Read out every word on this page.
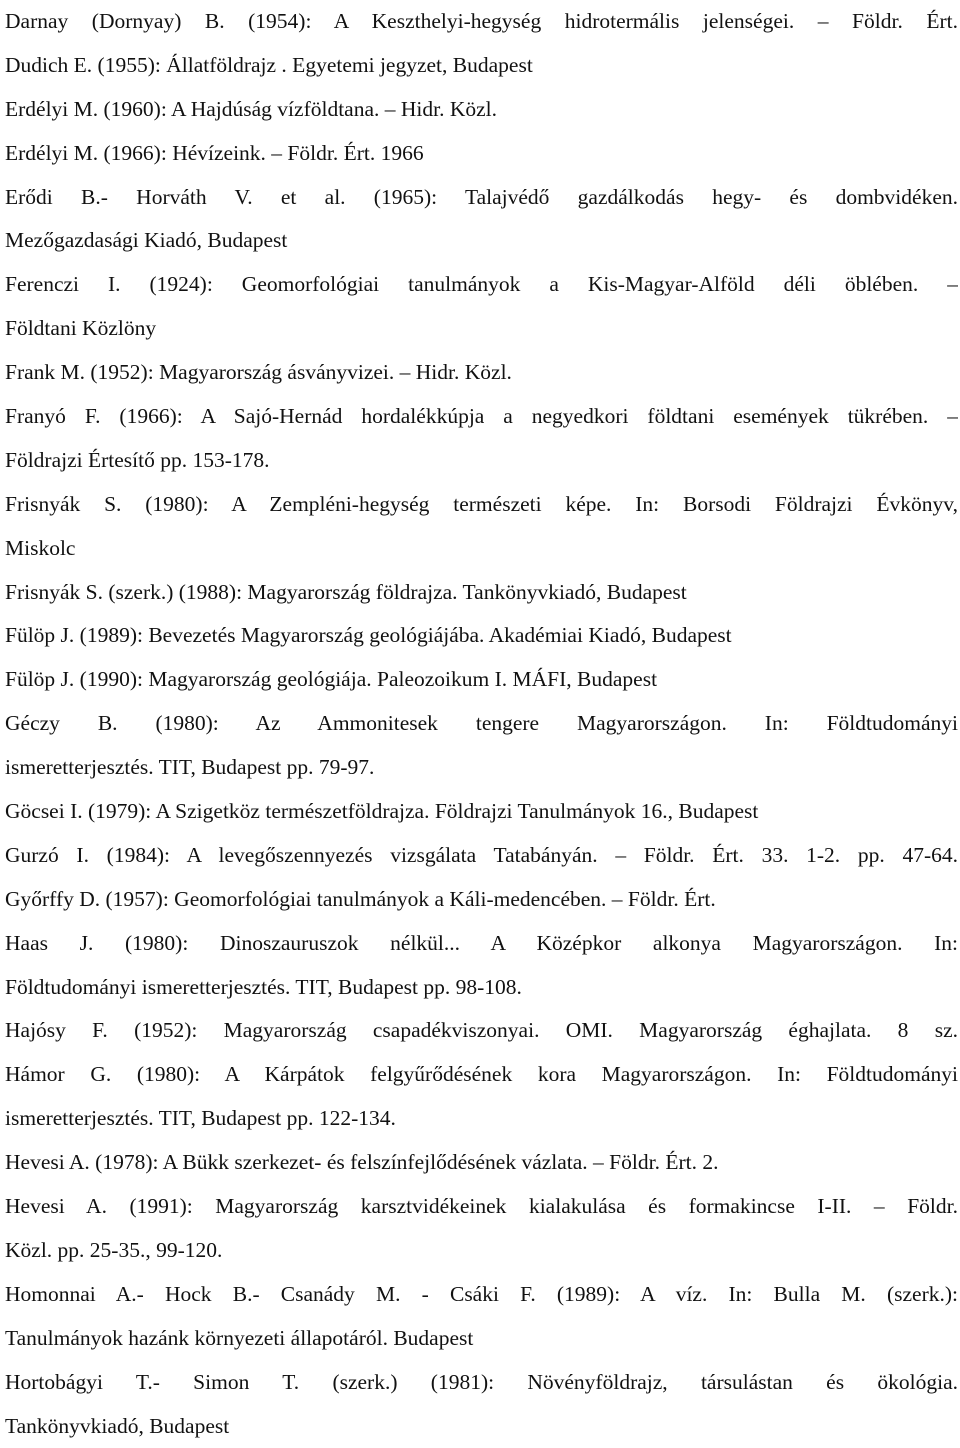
Darnay (Dornyay) B. (1954): A Keszthelyi-hegység hidrotermális jelenségei. – Földr. Ért.
Dudich E. (1955): Állatföldrajz . Egyetemi jegyzet, Budapest
Erdélyi M. (1960): A Hajdúság vízföldtana. – Hidr. Közl.
Erdélyi M. (1966): Hévízeink. – Földr. Ért. 1966
Erődi B.- Horváth V. et al. (1965): Talajvédő gazdálkodás hegy- és dombvidéken.
Mezőgazdasági Kiadó, Budapest
Ferenczi I. (1924): Geomorfológiai tanulmányok a Kis-Magyar-Alföld déli öblében. –
Földtani Közlöny
Frank M. (1952): Magyarország ásványvizei. – Hidr. Közl.
Franyó F. (1966): A Sajó-Hernád hordalékkúpja a negyedkori földtani események tükrében. –
Földrajzi Értesítő pp. 153-178.
Frisnyák S. (1980): A Zempléni-hegység természeti képe. In: Borsodi Földrajzi Évkönyv,
Miskolc
Frisnyák S. (szerk.) (1988): Magyarország földrajza. Tankönyvkiadó, Budapest
Fülöp J. (1989): Bevezetés Magyarország geológiájába. Akadémiai Kiadó, Budapest
Fülöp J. (1990): Magyarország geológiája. Paleozoikum I. MÁFI, Budapest
Géczy B. (1980): Az Ammonitesek tengere Magyarországon. In: Földtudományi
ismeretterjesztés. TIT, Budapest pp. 79-97.
Göcsei I. (1979): A Szigetköz természetföldrajza. Földrajzi Tanulmányok 16., Budapest
Gurzó I. (1984): A levegőszennyezés vizsgálata Tatabányán. – Földr. Ért. 33. 1-2. pp. 47-64.
Győrffy D. (1957): Geomorfológiai tanulmányok a Káli-medencében. – Földr. Ért.
Haas J. (1980): Dinoszauruszok nélkül... A Középkor alkonya Magyarországon. In:
Földtudományi ismeretterjesztés. TIT, Budapest pp. 98-108.
Hajósy F. (1952): Magyarország csapadékviszonyai. OMI. Magyarország éghajlata. 8 sz.
Hámor G. (1980): A Kárpátok felgyűrődésének kora Magyarországon. In: Földtudományi
ismeretterjesztés. TIT, Budapest pp. 122-134.
Hevesi A. (1978): A Bükk szerkezet- és felszínfejlődésének vázlata. – Földr. Ért. 2.
Hevesi A. (1991): Magyarország karsztvidékeinek kialakulása és formakincse I-II. – Földr.
Közl. pp. 25-35., 99-120.
Homonnai A.- Hock B.- Csanády M. - Csáki F. (1989): A víz. In: Bulla M. (szerk.):
Tanulmányok hazánk környezeti állapotáról. Budapest
Hortobágyi T.- Simon T. (szerk.) (1981): Növényföldrajz, társulástan és ökológia.
Tankönyvkiadó, Budapest
